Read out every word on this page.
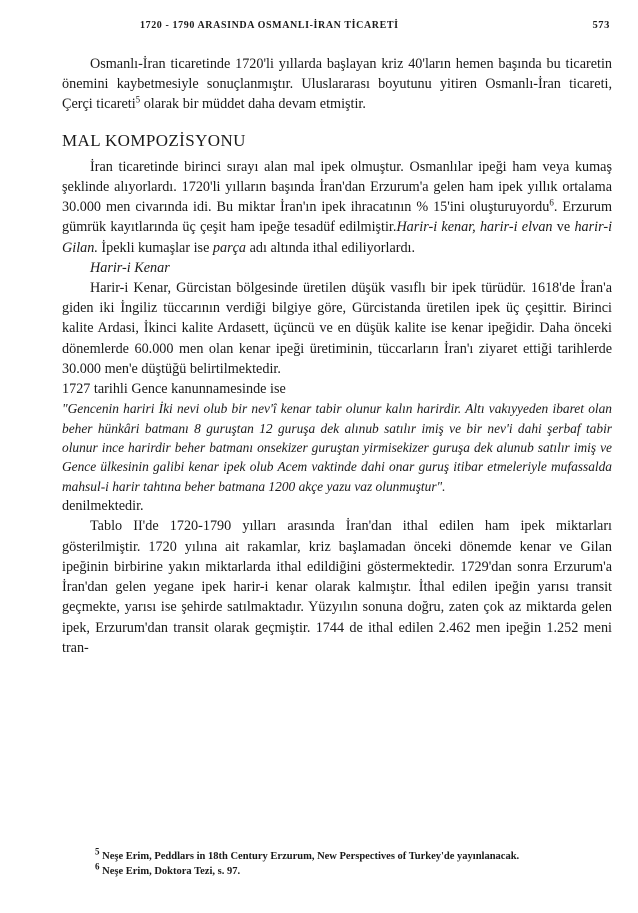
1720 - 1790 ARASINDA OSMANLI-İRAN TİCARETİ	573

Osmanlı-İran ticaretinde 1720'li yıllarda başlayan kriz 40'ların hemen başında bu ticaretin önemini kaybetmesiyle sonuçlanmıştır. Uluslararası boyutunu yitiren Osmanlı-İran ticareti, Çerçi ticareti$^5$ olarak bir müddet daha devam etmiştir.

MAL KOMPOZİSYONU

İran ticaretinde birinci sırayı alan mal ipek olmuştur. Osmanlılar ipeği ham veya kumaş şeklinde alıyorlardı. 1720'li yılların başında İran'dan Erzurum'a gelen ham ipek yıllık ortalama 30.000 men civarında idi. Bu miktar İran'ın ipek ihracatının % 15'ini oluşturuyordu$^6$. Erzurum gümrük kayıtlarında üç çeşit ham ipeğe tesadüf edilmiştir.Harir-i kenar, harir-i elvan ve harir-i Gilan. İpekli kumaşlar ise parça adı altında ithal ediliyorlardı.

Harir-i Kenar

Harir-i Kenar, Gürcistan bölgesinde üretilen düşük vasıflı bir ipek türüdür. 1618'de İran'a giden iki İngiliz tüccarının verdiği bilgiye göre, Gürcistanda üretilen ipek üç çeşittir. Birinci kalite Ardasi, İkinci kalite Ardasett, üçüncü ve en düşük kalite ise kenar ipeğidir. Daha önceki dönemlerde 60.000 men olan kenar ipeği üretiminin, tüccarların İran'ı ziyaret ettiği tarihlerde 30.000 men'e düştüğü belirtilmektedir.

1727 tarihli Gence kanunnamesinde ise

"Gencenin hariri İki nevi olub bir nev'î kenar tabir olunur kalın harirdir. Altı vakıyyeden ibaret olan beher hünkâri batmanı 8 guruştan 12 guruşa dek alınub satılır imiş ve bir nev'i dahi şerbaf tabir olunur ince harirdir beher batmanı onsekizer guruştan yirmisekizer guruşa dek alunub satılır imiş ve Gence ülkesinin galibi kenar ipek olub Acem vaktinde dahi onar guruş itibar etmeleriyle mufassalda mahsul-i harir tahtına beher batmana 1200 akçe yazu vaz olunmuştur".

denilmektedir.

Tablo II'de 1720-1790 yılları arasında İran'dan ithal edilen ham ipek miktarları gösterilmiştir. 1720 yılına ait rakamlar, kriz başlamadan önceki dönemde kenar ve Gilan ipeğinin birbirine yakın miktarlarda ithal edildiğini göstermektedir. 1729'dan sonra Erzurum'a İran'dan gelen yegane ipek harir-i kenar olarak kalmıştır. İthal edilen ipeğin yarısı transit geçmekte, yarısı ise şehirde satılmaktadır. Yüzyılın sonuna doğru, zaten çok az miktarda gelen ipek, Erzurum'dan transit olarak geçmiştir. 1744 de ithal edilen 2.462 men ipeğin 1.252 meni tran-

$^5$ Neşe Erim, Peddlars in 18th Century Erzurum, New Perspectives of Turkey'de yayınlanacak.

$^6$ Neşe Erim, Doktora Tezi, s. 97.
